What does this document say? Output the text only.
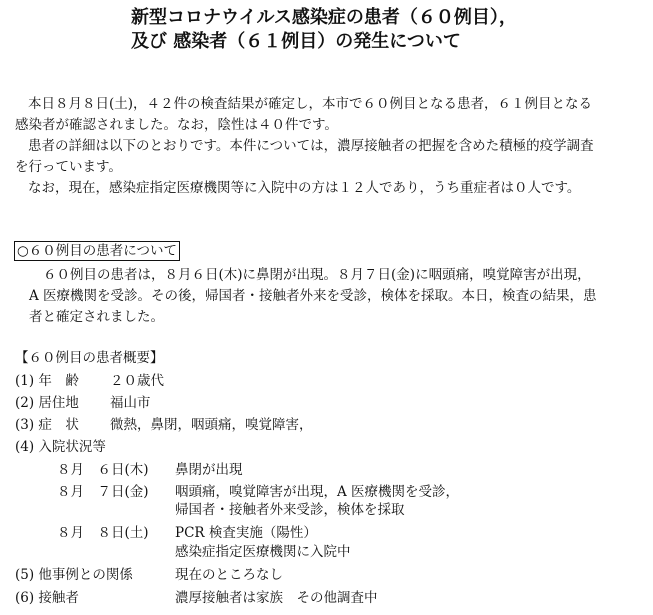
新型コロナウイルス感染症の患者（６０例目），
及び 感染者（６１例目）の発生について
本日８月８日(土)，４２件の検査結果が確定し，本市で６０例目となる患者，６１例目となる
感染者が確認されました。なお，陰性は４０件です。
患者の詳細は以下のとおりです。本件については，濃厚接触者の把握を含めた積極的疫学調査
を行っています。
なお，現在，感染症指定医療機関等に入院中の方は１２人であり，うち重症者は０人です。
○６０例目の患者について
６０例目の患者は，８月６日(木)に鼻閉が出現。８月７日(金)に咽頭痛，嗅覚障害が出現，
A 医療機関を受診。その後，帰国者・接触者外来を受診，検体を採取。本日，検査の結果，患
者と確定されました。
【６０例目の患者概要】
(1) 年　齢 ２０歳代
(2) 居住地 福山市
(3) 症　状 微熱，鼻閉，咽頭痛，嗅覚障害，
(4) 入院状況等
８月　６日(木) 鼻閉が出現
８月　７日(金) 咽頭痛，嗅覚障害が出現，A 医療機関を受診，
帰国者・接触者外来受診，検体を採取
８月　８日(土) PCR 検査実施（陽性）
感染症指定医療機関に入院中
(5) 他事例との関係	現在のところなし
(6) 接触者	濃厚接触者は家族　その他調査中
